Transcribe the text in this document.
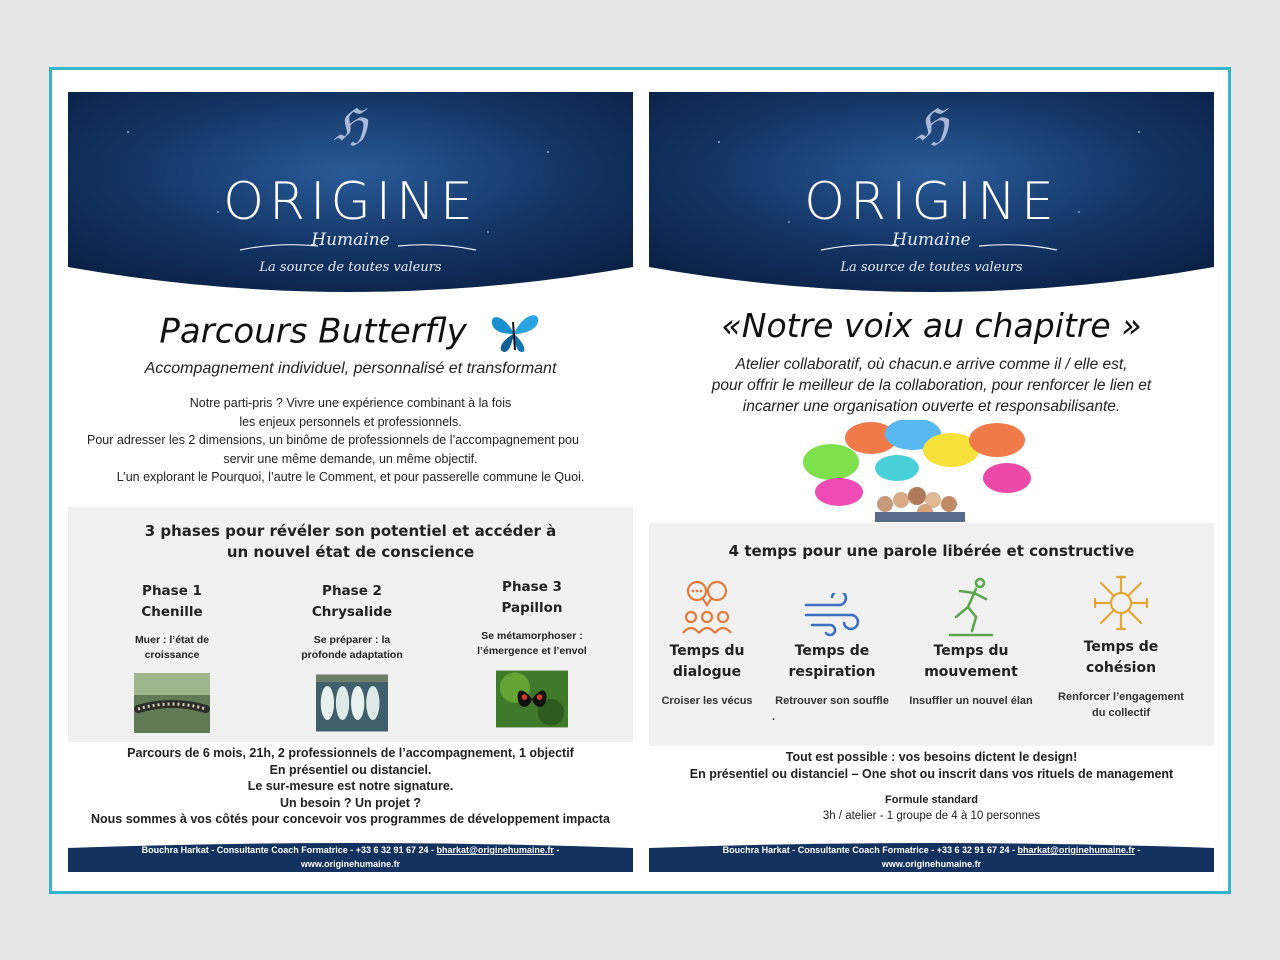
ℌ
ORIGINE
Humaine
La source de toutes valeurs
Parcours Butterfly
Accompagnement individuel, personnalisé et transformant
Notre parti-pris ? Vivre une expérience combinant à la fois
les enjeux personnels et professionnels.
Pour adresser les 2 dimensions, un binôme de professionnels de l’accompagnement pou
servir une même demande, un même objectif.
L’un explorant le Pourquoi, l’autre le Comment, et pour passerelle commune le Quoi.
3 phases pour révéler son potentiel et accéder à
un nouvel état de conscience
Phase 1
Chenille
Muer : l’état de
croissance
Phase 2
Chrysalide
Se préparer : la
profonde adaptation
Phase 3
Papillon
Se métamorphoser :
l’émergence et l’envol
Parcours de 6 mois, 21h, 2 professionnels de l’accompagnement, 1 objectif
En présentiel ou distanciel.
Le sur-mesure est notre signature.
Un besoin ? Un projet ?
Nous sommes à vos côtés pour concevoir vos programmes de développement impacta
Bouchra Harkat - Consultante Coach Formatrice - +33 6 32 91 67 24 - bharkat@originehumaine.fr -
www.originehumaine.fr
ℌ
ORIGINE
Humaine
La source de toutes valeurs
«Notre voix au chapitre »
Atelier collaboratif, où chacun.e arrive comme il / elle est,
pour offrir le meilleur de la collaboration, pour renforcer le lien et
incarner une organisation ouverte et responsabilisante.
4 temps pour une parole libérée et constructive
Temps du
dialogue
Croiser les vécus
Temps de
respiration
Retrouver son souffle
.
Temps du
mouvement
Insuffler un nouvel élan
Temps de
cohésion
Renforcer l’engagement
du collectif
Tout est possible : vos besoins dictent le design!
En présentiel ou distanciel – One shot ou inscrit dans vos rituels de management
Formule standard
3h / atelier - 1 groupe de 4 à 10 personnes
Bouchra Harkat - Consultante Coach Formatrice - +33 6 32 91 67 24 - bharkat@originehumaine.fr -
www.originehumaine.fr
